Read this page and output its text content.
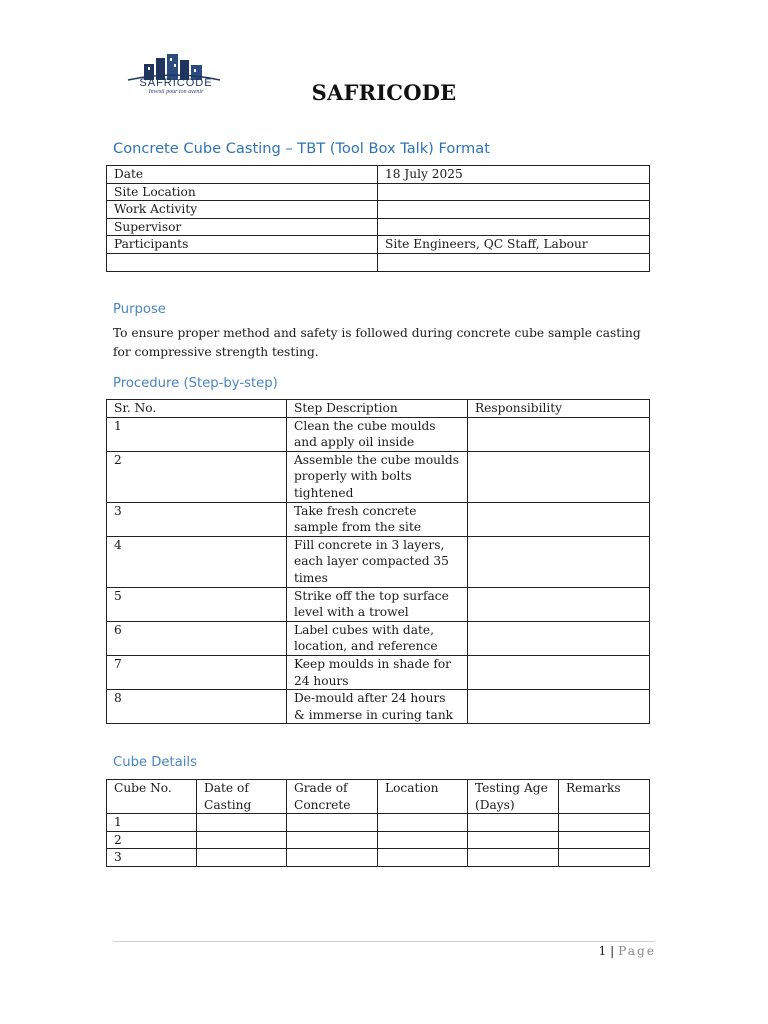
SAFRICODE
Investi pour ton avenir	SAFRICODE
Concrete Cube Casting – TBT (Tool Box Talk) Format
Date	18 July 2025
Site Location	
Work Activity	
Supervisor	
Participants	Site Engineers, QC Staff, Labour

Purpose
To ensure proper method and safety is followed during concrete cube sample casting for compressive strength testing.
Procedure (Step-by-step)
Sr. No.	Step Description	Responsibility
1	Clean the cube moulds and apply oil inside	
2	Assemble the cube moulds properly with bolts tightened	
3	Take fresh concrete sample from the site	
4	Fill concrete in 3 layers, each layer compacted 35 times	
5	Strike off the top surface level with a trowel	
6	Label cubes with date, location, and reference	
7	Keep moulds in shade for 24 hours	
8	De-mould after 24 hours & immerse in curing tank	
Cube Details
Cube No.	Date of Casting	Grade of Concrete	Location	Testing Age (Days)	Remarks
1					
2					
3					
1 | Page
